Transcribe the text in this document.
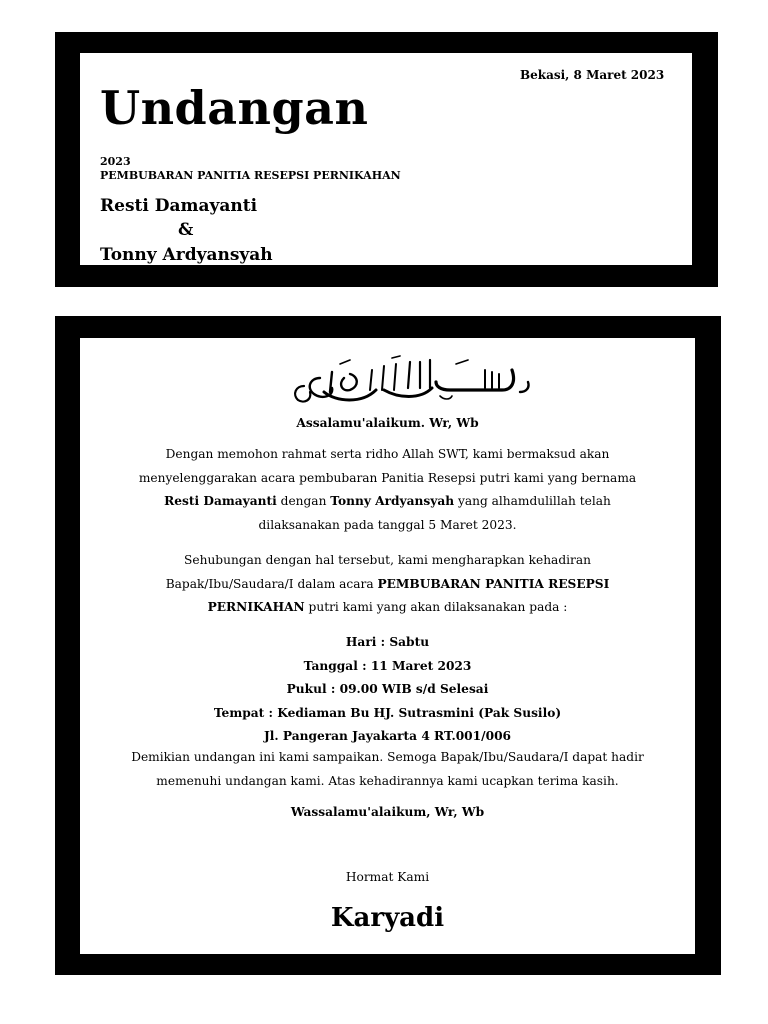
Undangan
Bekasi, 8 Maret 2023
2023
PEMBUBARAN PANITIA RESEPSI PERNIKAHAN
Resti Damayanti
&
Tonny Ardyansyah
Assalamu'alaikum. Wr, Wb
Dengan memohon rahmat serta ridho Allah SWT, kami bermaksud akan
menyelenggarakan acara pembubaran Panitia Resepsi putri kami yang bernama
Resti Damayanti dengan Tonny Ardyansyah yang alhamdulillah telah
dilaksanakan pada tanggal 5 Maret 2023.
Sehubungan dengan hal tersebut, kami mengharapkan kehadiran
Bapak/Ibu/Saudara/I dalam acara PEMBUBARAN PANITIA RESEPSI
PERNIKAHAN putri kami yang akan dilaksanakan pada :
Hari : Sabtu
Tanggal : 11 Maret 2023
Pukul : 09.00 WIB s/d Selesai
Tempat : Kediaman Bu HJ. Sutrasmini (Pak Susilo)
Jl. Pangeran Jayakarta 4 RT.001/006
Demikian undangan ini kami sampaikan. Semoga Bapak/Ibu/Saudara/I dapat hadir
memenuhi undangan kami. Atas kehadirannya kami ucapkan terima kasih.
Wassalamu'alaikum, Wr, Wb
Hormat Kami
Karyadi
